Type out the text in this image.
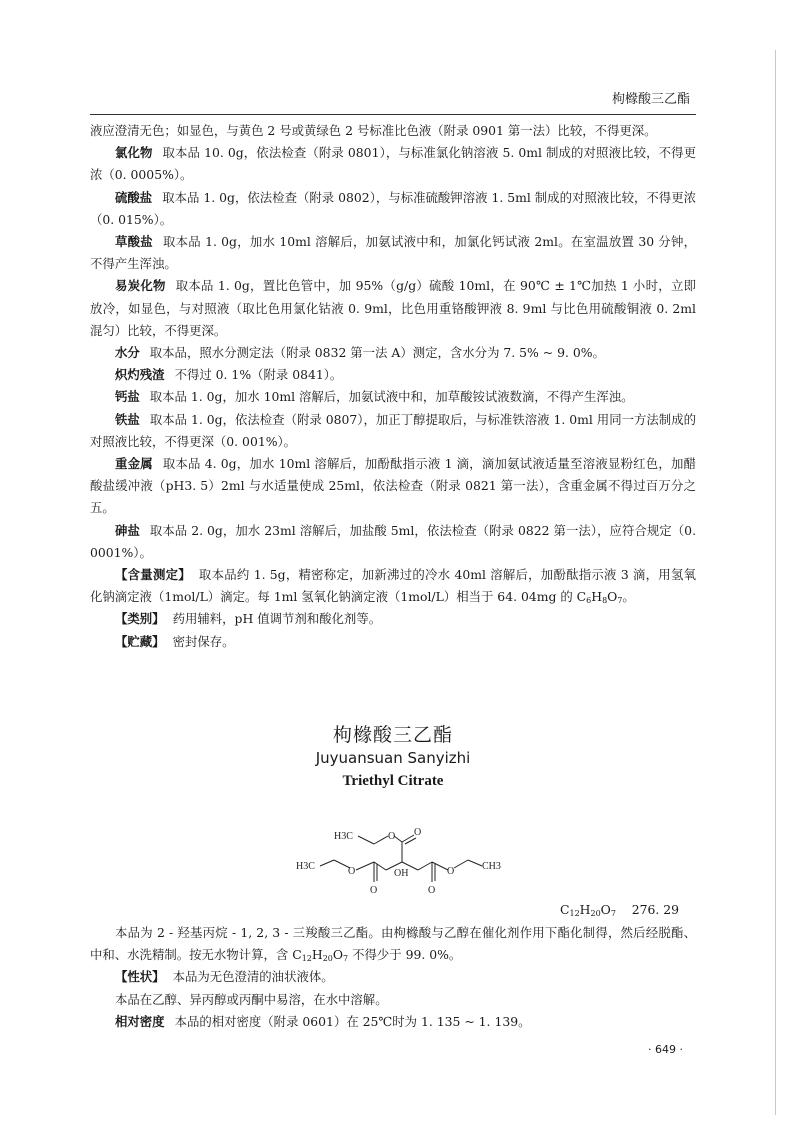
枸橼酸三乙酯

液应澄清无色；如显色，与黄色 2 号或黄绿色 2 号标准比色液（附录 0901 第一法）比较，不得更深。

氯化物 取本品 10. 0g，依法检查（附录 0801），与标准氯化钠溶液 5. 0ml 制成的对照液比较，不得更浓（0. 0005%）。

硫酸盐 取本品 1. 0g，依法检查（附录 0802），与标准硫酸钾溶液 1. 5ml 制成的对照液比较，不得更浓（0. 015%）。

草酸盐 取本品 1. 0g，加水 10ml 溶解后，加氨试液中和，加氯化钙试液 2ml。在室温放置 30 分钟，不得产生浑浊。

易炭化物 取本品 1. 0g，置比色管中，加 95%（g/g）硫酸 10ml，在 90℃ ± 1℃加热 1 小时，立即放冷，如显色，与对照液（取比色用氯化钴液 0. 9ml，比色用重铬酸钾液 8. 9ml 与比色用硫酸铜液 0. 2ml 混匀）比较，不得更深。

水分 取本品，照水分测定法（附录 0832 第一法 A）测定，含水分为 7. 5% ~ 9. 0%。

炽灼残渣 不得过 0. 1%（附录 0841）。

钙盐 取本品 1. 0g，加水 10ml 溶解后，加氨试液中和，加草酸铵试液数滴，不得产生浑浊。

铁盐 取本品 1. 0g，依法检查（附录 0807），加正丁醇提取后，与标准铁溶液 1. 0ml 用同一方法制成的对照液比较，不得更深（0. 001%）。

重金属 取本品 4. 0g，加水 10ml 溶解后，加酚酞指示液 1 滴，滴加氨试液适量至溶液显粉红色，加醋酸盐缓冲液（pH3. 5）2ml 与水适量使成 25ml，依法检查（附录 0821 第一法），含重金属不得过百万分之五。

砷盐 取本品 2. 0g，加水 23ml 溶解后，加盐酸 5ml，依法检查（附录 0822 第一法），应符合规定（0. 0001%）。

【含量测定】 取本品约 1. 5g，精密称定，加新沸过的冷水 40ml 溶解后，加酚酞指示液 3 滴，用氢氧化钠滴定液（1mol/L）滴定。每 1ml 氢氧化钠滴定液（1mol/L）相当于 64. 04mg 的 $C_6H_8O_7$。

【类别】 药用辅料，pH 值调节剂和酸化剂等。

【贮藏】 密封保存。

枸橼酸三乙酯
Juyuansuan Sanyizhi
Triethyl Citrate
H3C	O O
H3C	O
O
OH
O
O	CH3
$C_{12}H_{20}O_7$ 276. 29

本品为 2 - 羟基丙烷 - 1, 2, 3 - 三羧酸三乙酯。由枸橼酸与乙醇在催化剂作用下酯化制得，然后经脱酯、中和、水洗精制。按无水物计算，含 $C_{12}H_{20}O_7$ 不得少于 99. 0%。

【性状】 本品为无色澄清的油状液体。

本品在乙醇、异丙醇或丙酮中易溶，在水中溶解。

相对密度 本品的相对密度（附录 0601）在 25℃时为 1. 135 ~ 1. 139。

· 649 ·
